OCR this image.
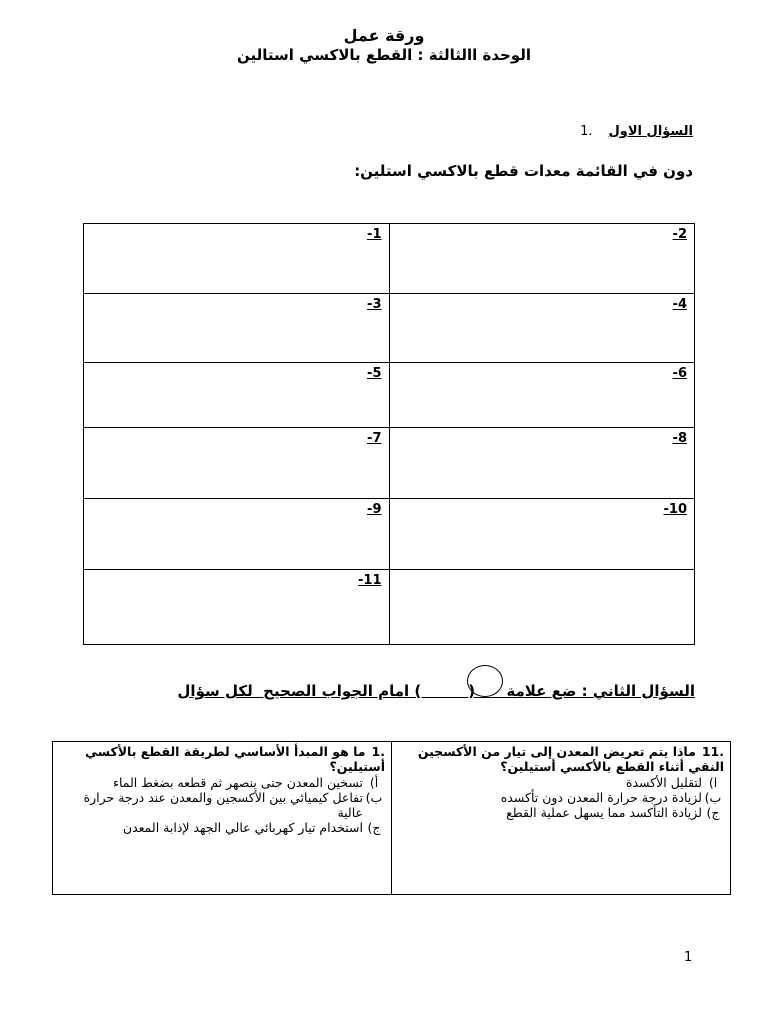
ورقة عمل
الوحدة االثالثة : القطع بالاكسي استالين
السؤال الاول.1
دون في القائمة معدات قطع بالاكسي استلين:
-1	-2
-3	-4
-5	-6
-7	-8
-9	-10
-11	
السؤال الثاني : ضع علامة      (         ) امام الجواب الصحيح  لكل سؤال
.1ما هو المبدأ الأساسي لطريقة القطع بالأكسي أستيلين؟
أ)
تسخين المعدن حتى ينصهر ثم قطعه بضغط الماء
ب)
تفاعل كيميائي بين الأكسجين والمعدن عند درجة حرارة عالية
ج)
استخدام تيار كهربائي عالي الجهد لإذابة المعدن

.11ماذا يتم تعريض المعدن إلى تيار من الأكسجين النقي أثناء القطع بالأكسي أستيلين؟
ا)
لتقليل الأكسدة
ب)
لزيادة درجة حرارة المعدن دون تأكسده
ج)
لزيادة التأكسد مما يسهل عملية القطع
1
